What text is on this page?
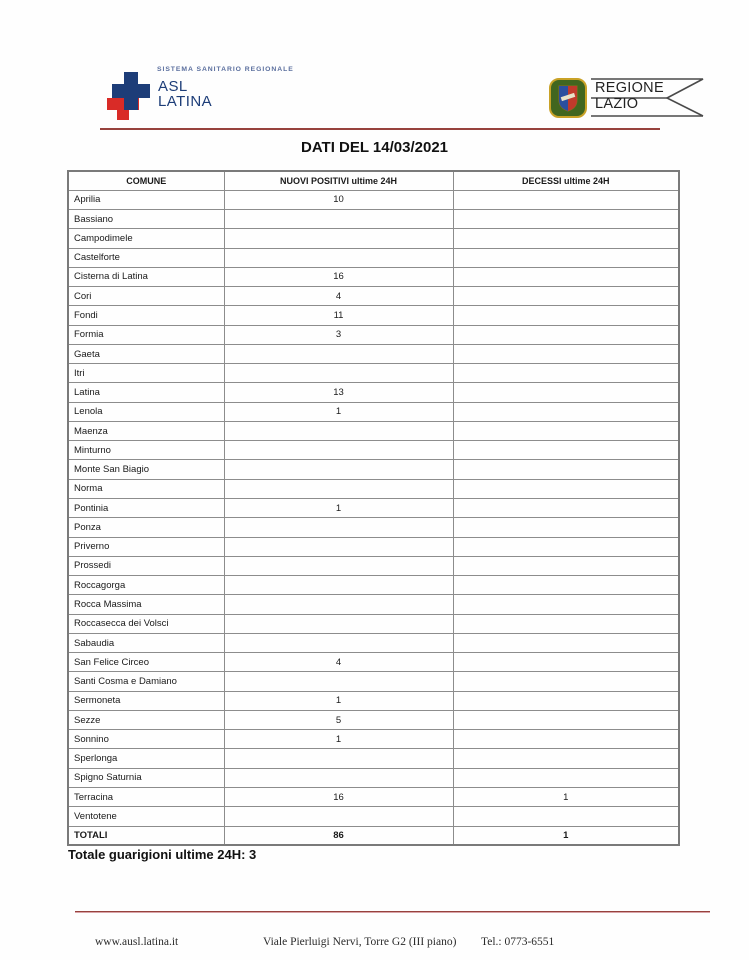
SISTEMA SANITARIO REGIONALE
ASL
LATINA
REGIONE
LAZIO
DATI DEL 14/03/2021
COMUNE	NUOVI POSITIVI ultime 24H	DECESSI ultime 24H
Aprilia	10	
Bassiano		
Campodimele		
Castelforte		
Cisterna di Latina	16	
Cori	4	
Fondi	11	
Formia	3	
Gaeta		
Itri		
Latina	13	
Lenola	1	
Maenza		
Minturno		
Monte San Biagio		
Norma		
Pontinia	1	
Ponza		
Priverno		
Prossedi		
Roccagorga		
Rocca Massima		
Roccasecca dei Volsci		
Sabaudia		
San Felice Circeo	4	
Santi Cosma e Damiano		
Sermoneta	1	
Sezze	5	
Sonnino	1	
Sperlonga		
Spigno Saturnia		
Terracina	16	1
Ventotene		
TOTALI	86	1
Totale guarigioni ultime 24H: 3
www.ausl.latina.it	Viale Pierluigi Nervi, Torre G2 (III piano) Tel.: 0773-6551
